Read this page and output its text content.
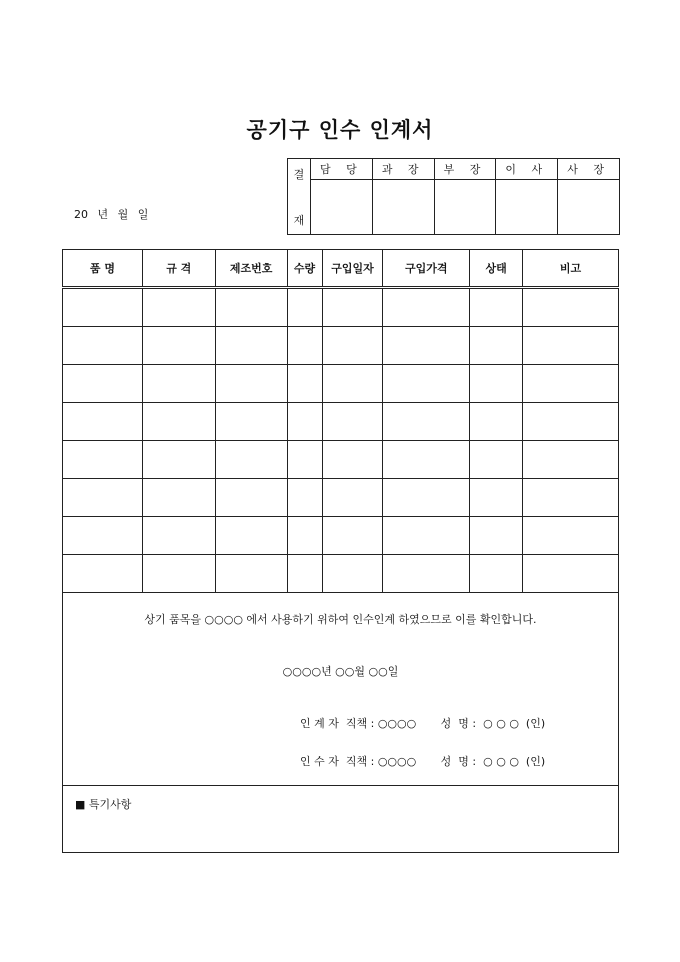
공기구 인수 인계서
20 년 월 일
결
재	담 당	과 장	부 장	이 사	사 장

품 명	규 격	제조번호	수량	구입일자	구입가격	상태	비고

상기 품목을 ○○○○ 에서 사용하기 위하여 인수인계 하였으므로 이를 확인합니다.
○○○○년 ○○월 ○○일
인 계 자  직책 : ○○○○       성  명 :  ○ ○ ○  (인)
인 수 자  직책 : ○○○○       성  명 :  ○ ○ ○  (인)							

■ 특기사항							
